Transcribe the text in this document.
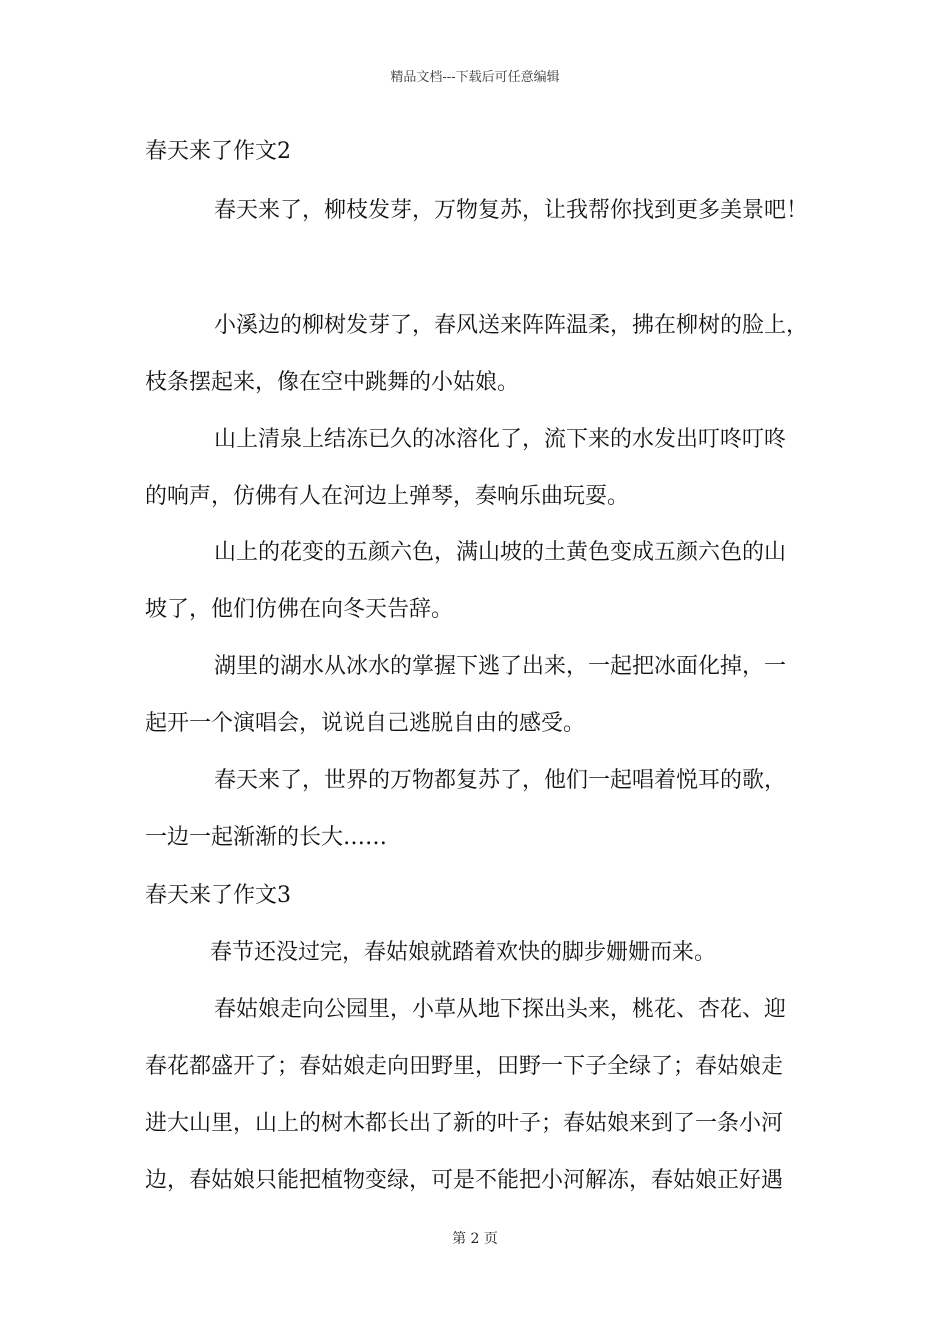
精品文档---下载后可任意编辑
春天来了作文2
春天来了，柳枝发芽，万物复苏，让我帮你找到更多美景吧！
小溪边的柳树发芽了，春风送来阵阵温柔，拂在柳树的脸上，
枝条摆起来，像在空中跳舞的小姑娘。
山上清泉上结冻已久的冰溶化了，流下来的水发出叮咚叮咚
的响声，仿佛有人在河边上弹琴，奏响乐曲玩耍。
山上的花变的五颜六色，满山坡的土黄色变成五颜六色的山
坡了，他们仿佛在向冬天告辞。
湖里的湖水从冰水的掌握下逃了出来，一起把冰面化掉，一
起开一个演唱会，说说自己逃脱自由的感受。
春天来了，世界的万物都复苏了，他们一起唱着悦耳的歌，
一边一起渐渐的长大……
春天来了作文3
春节还没过完，春姑娘就踏着欢快的脚步姗姗而来。
春姑娘走向公园里，小草从地下探出头来，桃花、杏花、迎
春花都盛开了；春姑娘走向田野里，田野一下子全绿了；春姑娘走
进大山里，山上的树木都长出了新的叶子；春姑娘来到了一条小河
边，春姑娘只能把植物变绿，可是不能把小河解冻，春姑娘正好遇
第 2 页
